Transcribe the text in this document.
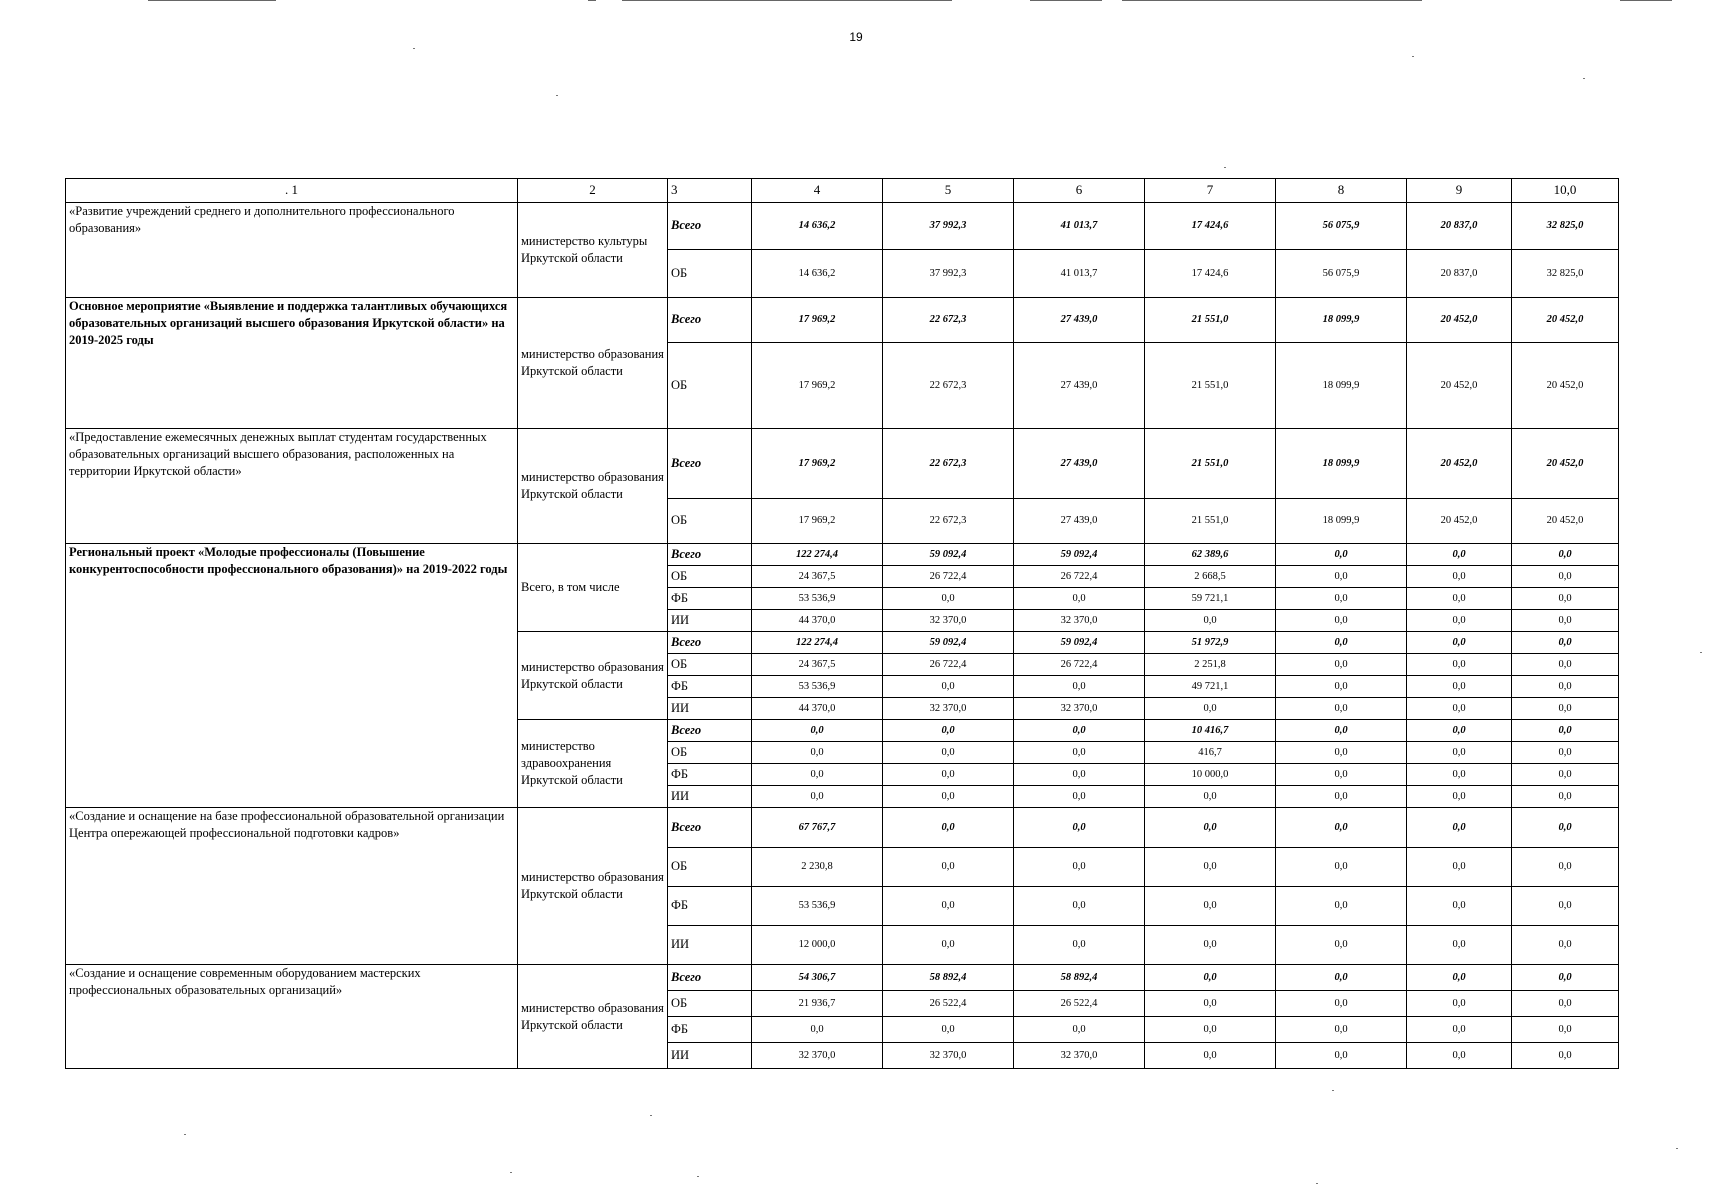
19
. 1	2	3	4	5	6	7	8	9	10,0
«Развитие учреждений среднего и дополнительного профессионального образования»	министерство культуры Иркутской области	Всего	14 636,2	37 992,3	41 013,7	17 424,6	56 075,9	20 837,0	32 825,0
		ОБ	14 636,2	37 992,3	41 013,7	17 424,6	56 075,9	20 837,0	32 825,0
Основное мероприятие «Выявление и поддержка талантливых обучающихся образовательных организаций высшего образования Иркутской области» на 2019-2025 годы	министерство образования Иркутской области	Всего	17 969,2	22 672,3	27 439,0	21 551,0	18 099,9	20 452,0	20 452,0
		ОБ	17 969,2	22 672,3	27 439,0	21 551,0	18 099,9	20 452,0	20 452,0
«Предоставление ежемесячных денежных выплат студентам государственных образовательных организаций высшего образования, расположенных на территории Иркутской области»	министерство образования Иркутской области	Всего	17 969,2	22 672,3	27 439,0	21 551,0	18 099,9	20 452,0	20 452,0
		ОБ	17 969,2	22 672,3	27 439,0	21 551,0	18 099,9	20 452,0	20 452,0
Региональный проект «Молодые профессионалы (Повышение конкурентоспособности профессионального образования)» на 2019-2022 годы	Всего, в том числе	Всего	122 274,4	59 092,4	59 092,4	62 389,6	0,0	0,0	0,0
		ОБ	24 367,5	26 722,4	26 722,4	2 668,5	0,0	0,0	0,0
		ФБ	53 536,9	0,0	0,0	59 721,1	0,0	0,0	0,0
		ИИ	44 370,0	32 370,0	32 370,0	0,0	0,0	0,0	0,0
	министерство образования Иркутской области	Всего	122 274,4	59 092,4	59 092,4	51 972,9	0,0	0,0	0,0
		ОБ	24 367,5	26 722,4	26 722,4	2 251,8	0,0	0,0	0,0
		ФБ	53 536,9	0,0	0,0	49 721,1	0,0	0,0	0,0
		ИИ	44 370,0	32 370,0	32 370,0	0,0	0,0	0,0	0,0
	министерство здравоохранения Иркутской области	Всего	0,0	0,0	0,0	10 416,7	0,0	0,0	0,0
		ОБ	0,0	0,0	0,0	416,7	0,0	0,0	0,0
		ФБ	0,0	0,0	0,0	10 000,0	0,0	0,0	0,0
		ИИ	0,0	0,0	0,0	0,0	0,0	0,0	0,0
«Создание и оснащение на базе профессиональной образовательной организации Центра опережающей профессиональной подготовки кадров»	министерство образования Иркутской области	Всего	67 767,7	0,0	0,0	0,0	0,0	0,0	0,0
		ОБ	2 230,8	0,0	0,0	0,0	0,0	0,0	0,0
		ФБ	53 536,9	0,0	0,0	0,0	0,0	0,0	0,0
		ИИ	12 000,0	0,0	0,0	0,0	0,0	0,0	0,0
«Создание и оснащение современным оборудованием мастерских профессиональных образовательных организаций»	министерство образования Иркутской области	Всего	54 306,7	58 892,4	58 892,4	0,0	0,0	0,0	0,0
		ОБ	21 936,7	26 522,4	26 522,4	0,0	0,0	0,0	0,0
		ФБ	0,0	0,0	0,0	0,0	0,0	0,0	0,0
		ИИ	32 370,0	32 370,0	32 370,0	0,0	0,0	0,0	0,0
